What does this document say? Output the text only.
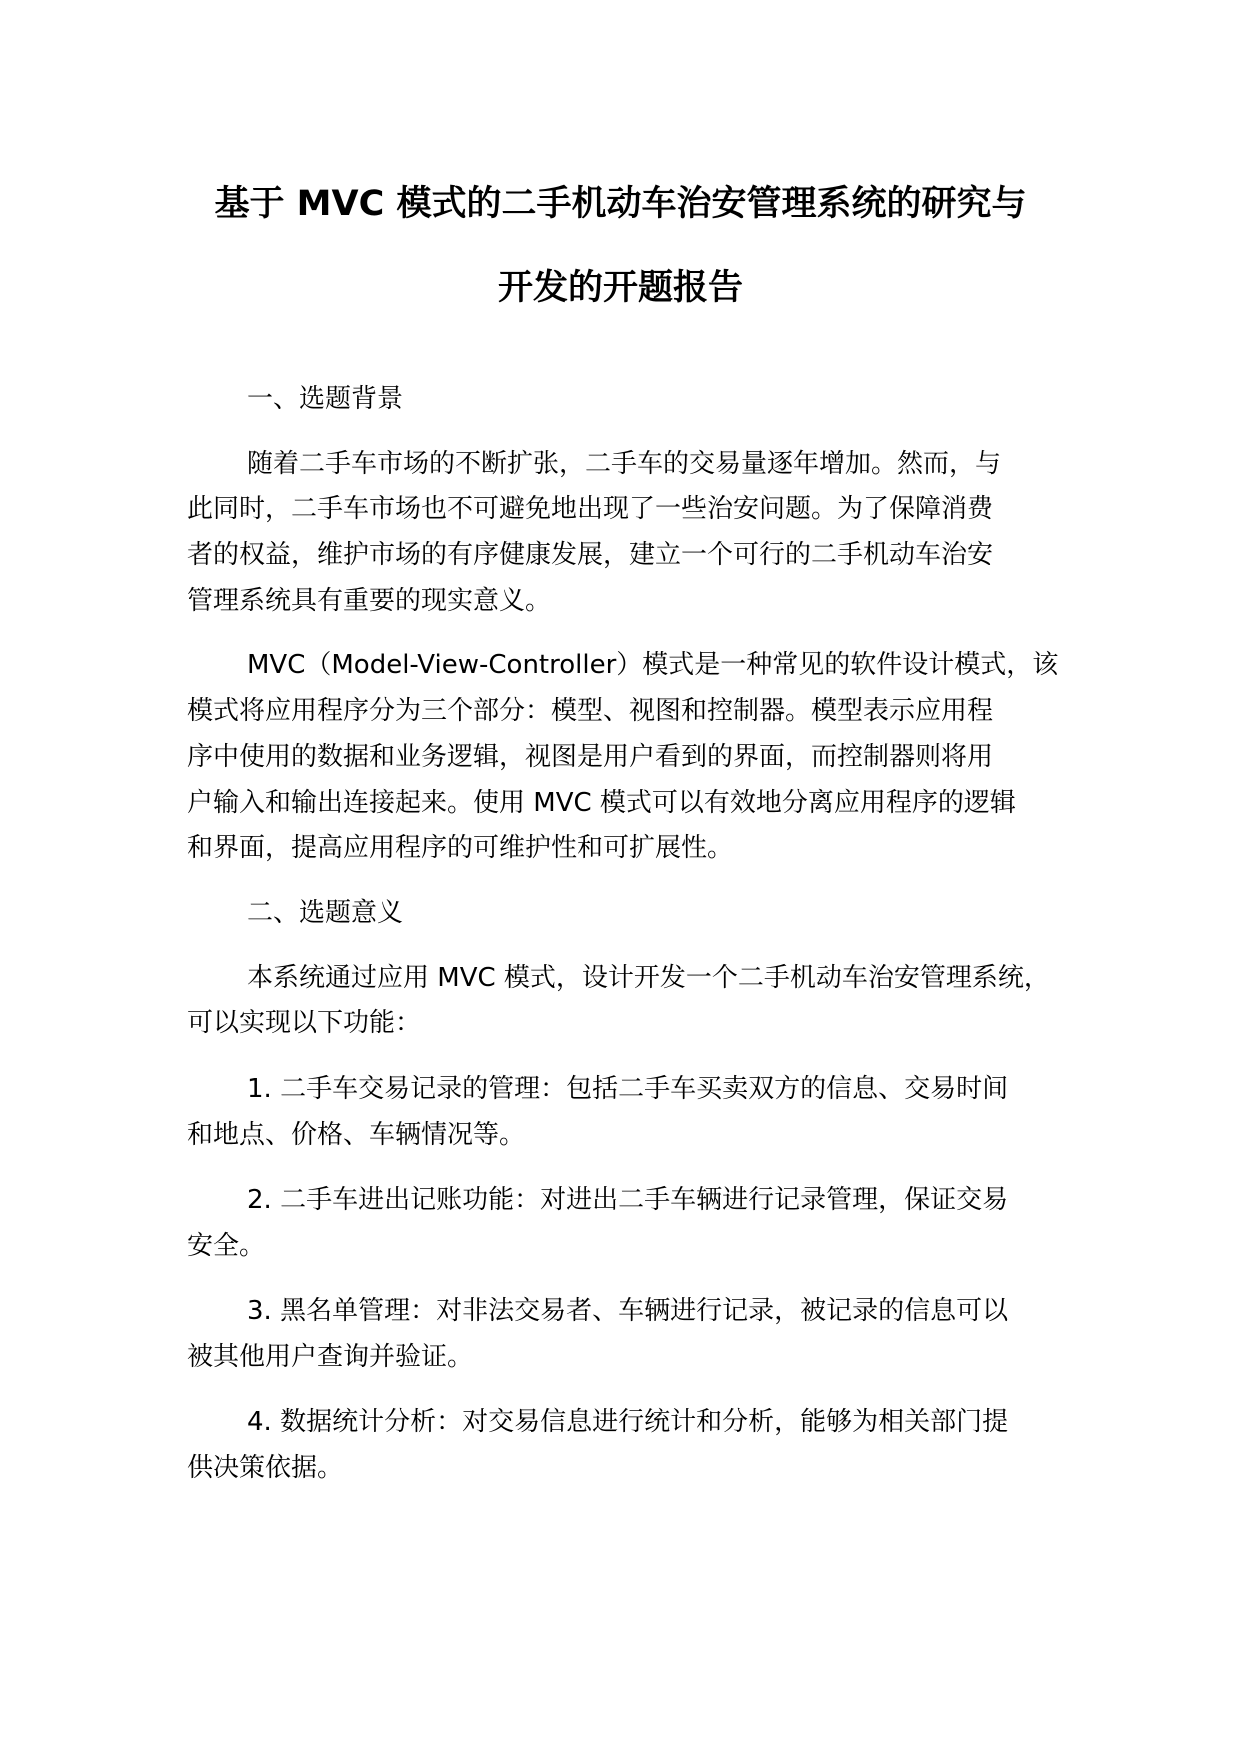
基于 MVC 模式的二手机动车治安管理系统的研究与
开发的开题报告
一、选题背景
随着二手车市场的不断扩张，二手车的交易量逐年增加。然而，与
此同时，二手车市场也不可避免地出现了一些治安问题。为了保障消费
者的权益，维护市场的有序健康发展，建立一个可行的二手机动车治安
管理系统具有重要的现实意义。
MVC（Model-View-Controller）模式是一种常见的软件设计模式，该
模式将应用程序分为三个部分：模型、视图和控制器。模型表示应用程
序中使用的数据和业务逻辑，视图是用户看到的界面，而控制器则将用
户输入和输出连接起来。使用 MVC 模式可以有效地分离应用程序的逻辑
和界面，提高应用程序的可维护性和可扩展性。
二、选题意义
本系统通过应用 MVC 模式，设计开发一个二手机动车治安管理系统，
可以实现以下功能：
1. 二手车交易记录的管理：包括二手车买卖双方的信息、交易时间
和地点、价格、车辆情况等。
2. 二手车进出记账功能：对进出二手车辆进行记录管理，保证交易
安全。
3. 黑名单管理：对非法交易者、车辆进行记录，被记录的信息可以
被其他用户查询并验证。
4. 数据统计分析：对交易信息进行统计和分析，能够为相关部门提
供决策依据。
